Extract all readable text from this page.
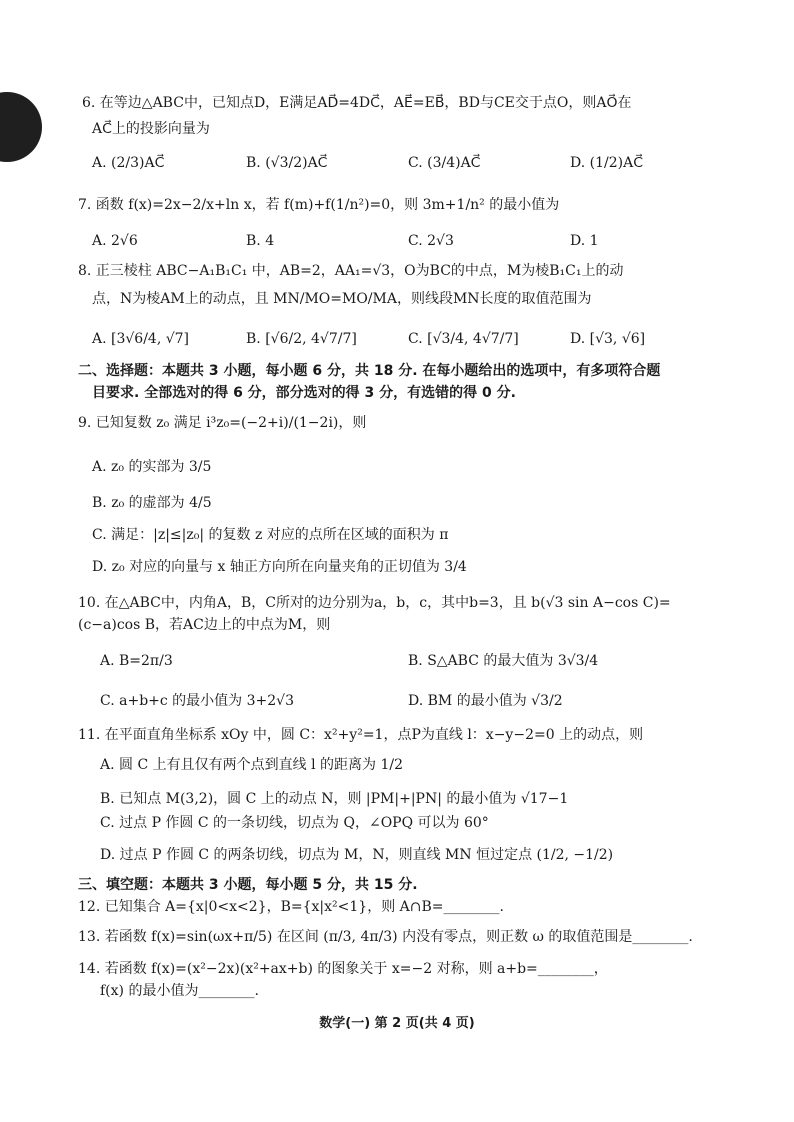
6. 在等边△ABC中，已知点D，E满足AD⃗=4DC⃗，AE⃗=EB⃗，BD与CE交于点O，则AO⃗在
AC⃗上的投影向量为
A. (2/3)AC⃗	B. (√3/2)AC⃗	C. (3/4)AC⃗	D. (1/2)AC⃗
7. 函数 f(x)=2x−2/x+ln x，若 f(m)+f(1/n²)=0，则 3m+1/n² 的最小值为
A. 2√6	B. 4	C. 2√3	D. 1
8. 正三棱柱 ABC−A₁B₁C₁ 中，AB=2，AA₁=√3，O为BC的中点，M为棱B₁C₁上的动
点，N为棱AM上的动点，且 MN/MO=MO/MA，则线段MN长度的取值范围为
A. [3√6/4, √7]	B. [√6/2, 4√7/7]	C. [√3/4, 4√7/7]	D. [√3, √6]
二、选择题：本题共 3 小题，每小题 6 分，共 18 分. 在每小题给出的选项中，有多项符合题
目要求. 全部选对的得 6 分，部分选对的得 3 分，有选错的得 0 分.
9. 已知复数 z₀ 满足 i³z₀=(−2+i)/(1−2i)，则
A. z₀ 的实部为 3/5
B. z₀ 的虚部为 4/5
C. 满足：|z|≤|z₀| 的复数 z 对应的点所在区域的面积为 π
D. z₀ 对应的向量与 x 轴正方向所在向量夹角的正切值为 3/4
10. 在△ABC中，内角A，B，C所对的边分别为a，b，c，其中b=3，且 b(√3 sin A−cos C)=
(c−a)cos B，若AC边上的中点为M，则
A. B=2π/3	B. S△ABC 的最大值为 3√3/4
C. a+b+c 的最小值为 3+2√3	D. BM 的最小值为 √3/2
11. 在平面直角坐标系 xOy 中，圆 C：x²+y²=1，点P为直线 l：x−y−2=0 上的动点，则
A. 圆 C 上有且仅有两个点到直线 l 的距离为 1/2
B. 已知点 M(3,2)，圆 C 上的动点 N，则 |PM|+|PN| 的最小值为 √17−1
C. 过点 P 作圆 C 的一条切线，切点为 Q，∠OPQ 可以为 60°
D. 过点 P 作圆 C 的两条切线，切点为 M，N，则直线 MN 恒过定点 (1/2, −1/2)
三、填空题：本题共 3 小题，每小题 5 分，共 15 分.
12. 已知集合 A={x|0<x<2}，B={x|x²<1}，则 A∩B=________.
13. 若函数 f(x)=sin(ωx+π/5) 在区间 (π/3, 4π/3) 内没有零点，则正数 ω 的取值范围是________.
14. 若函数 f(x)=(x²−2x)(x²+ax+b) 的图象关于 x=−2 对称，则 a+b=________，
f(x) 的最小值为________.
数学(一) 第 2 页(共 4 页)
